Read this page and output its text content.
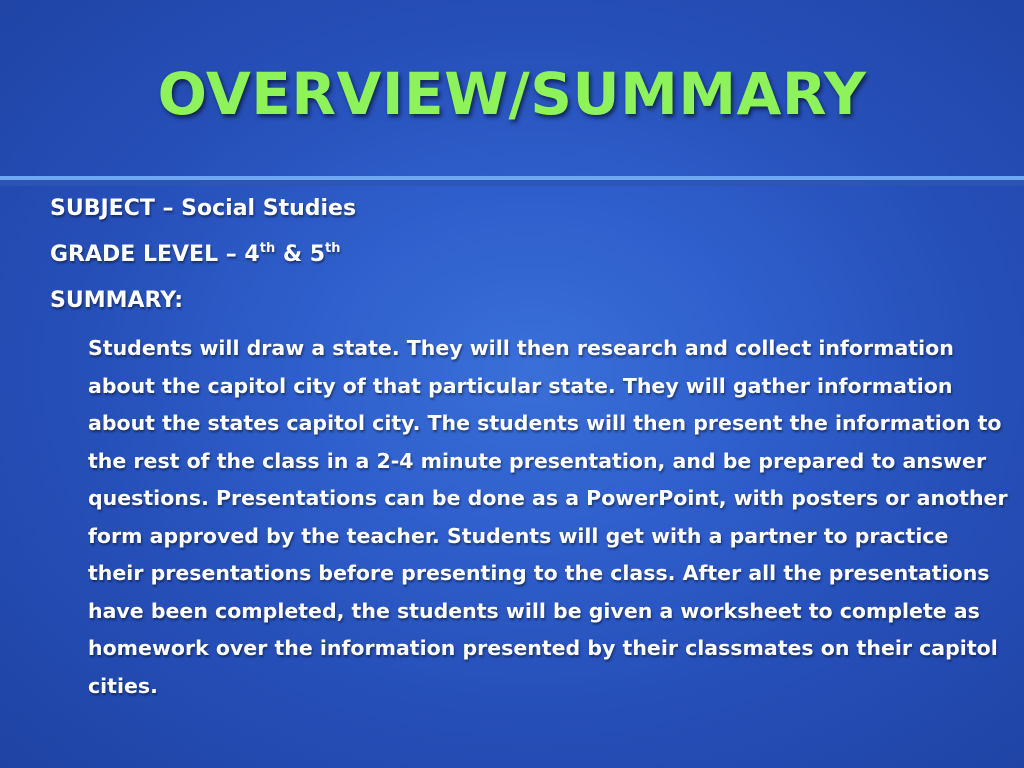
OVERVIEW/SUMMARY

SUBJECT – Social Studies

GRADE LEVEL – 4th & 5th

SUMMARY:

Students will draw a state. They will then research and collect information about the capitol city of that particular state. They will gather information about the states capitol city. The students will then present the information to the rest of the class in a 2-4 minute presentation, and be prepared to answer questions. Presentations can be done as a PowerPoint, with posters or another form approved by the teacher. Students will get with a partner to practice their presentations before presenting to the class. After all the presentations have been completed, the students will be given a worksheet to complete as homework over the information presented by their classmates on their capitol cities.
